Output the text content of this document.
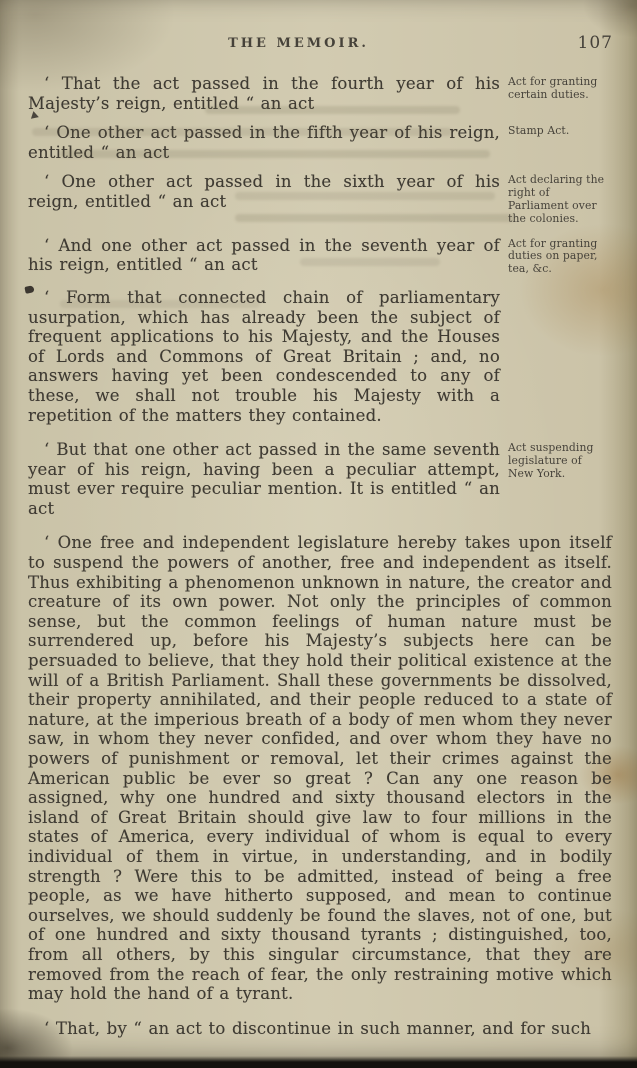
THE MEMOIR.	107

‘ That the act passed in the fourth year of his Majesty’s reign, entitled “ an act

Act for granting certain duties.

‘ One other act passed in the fifth year of his reign, entitled “ an act

Stamp Act.

‘ One other act passed in the sixth year of his reign, entitled “ an act

Act declaring the right of Parliament over the colonies.

‘ And one other act passed in the seventh year of his reign, entitled “ an act

Act for granting duties on paper, tea, &c.

‘ Form that connected chain of parliamentary usurpation, which has already been the subject of frequent applications to his Majesty, and the Houses of Lords and Commons of Great Britain ; and, no answers having yet been condescended to any of these, we shall not trouble his Majesty with a repetition of the matters they contained.

‘ But that one other act passed in the same seventh year of his reign, having been a peculiar attempt, must ever require peculiar mention. It is entitled “ an act

Act suspending legislature of New York.

‘ One free and independent legislature hereby takes upon itself to suspend the powers of another, free and independent as itself. Thus exhibiting a phenomenon unknown in nature, the creator and creature of its own power. Not only the principles of common sense, but the common feelings of human nature must be surrendered up, before his Majesty’s subjects here can be persuaded to believe, that they hold their political existence at the will of a British Parliament. Shall these governments be dissolved, their property annihilated, and their people reduced to a state of nature, at the imperious breath of a body of men whom they never saw, in whom they never confided, and over whom they have no powers of punishment or removal, let their crimes against the American public be ever so great ? Can any one reason be assigned, why one hundred and sixty thousand electors in the island of Great Britain should give law to four millions in the states of America, every individual of whom is equal to every individual of them in virtue, in understanding, and in bodily strength ? Were this to be admitted, instead of being a free people, as we have hitherto supposed, and mean to continue ourselves, we should suddenly be found the slaves, not of one, but of one hundred and sixty thousand tyrants ; distinguished, too, from all others, by this singular circumstance, that they are removed from the reach of fear, the only restraining motive which may hold the hand of a tyrant.

‘ That, by “ an act to discontinue in such manner, and for such
